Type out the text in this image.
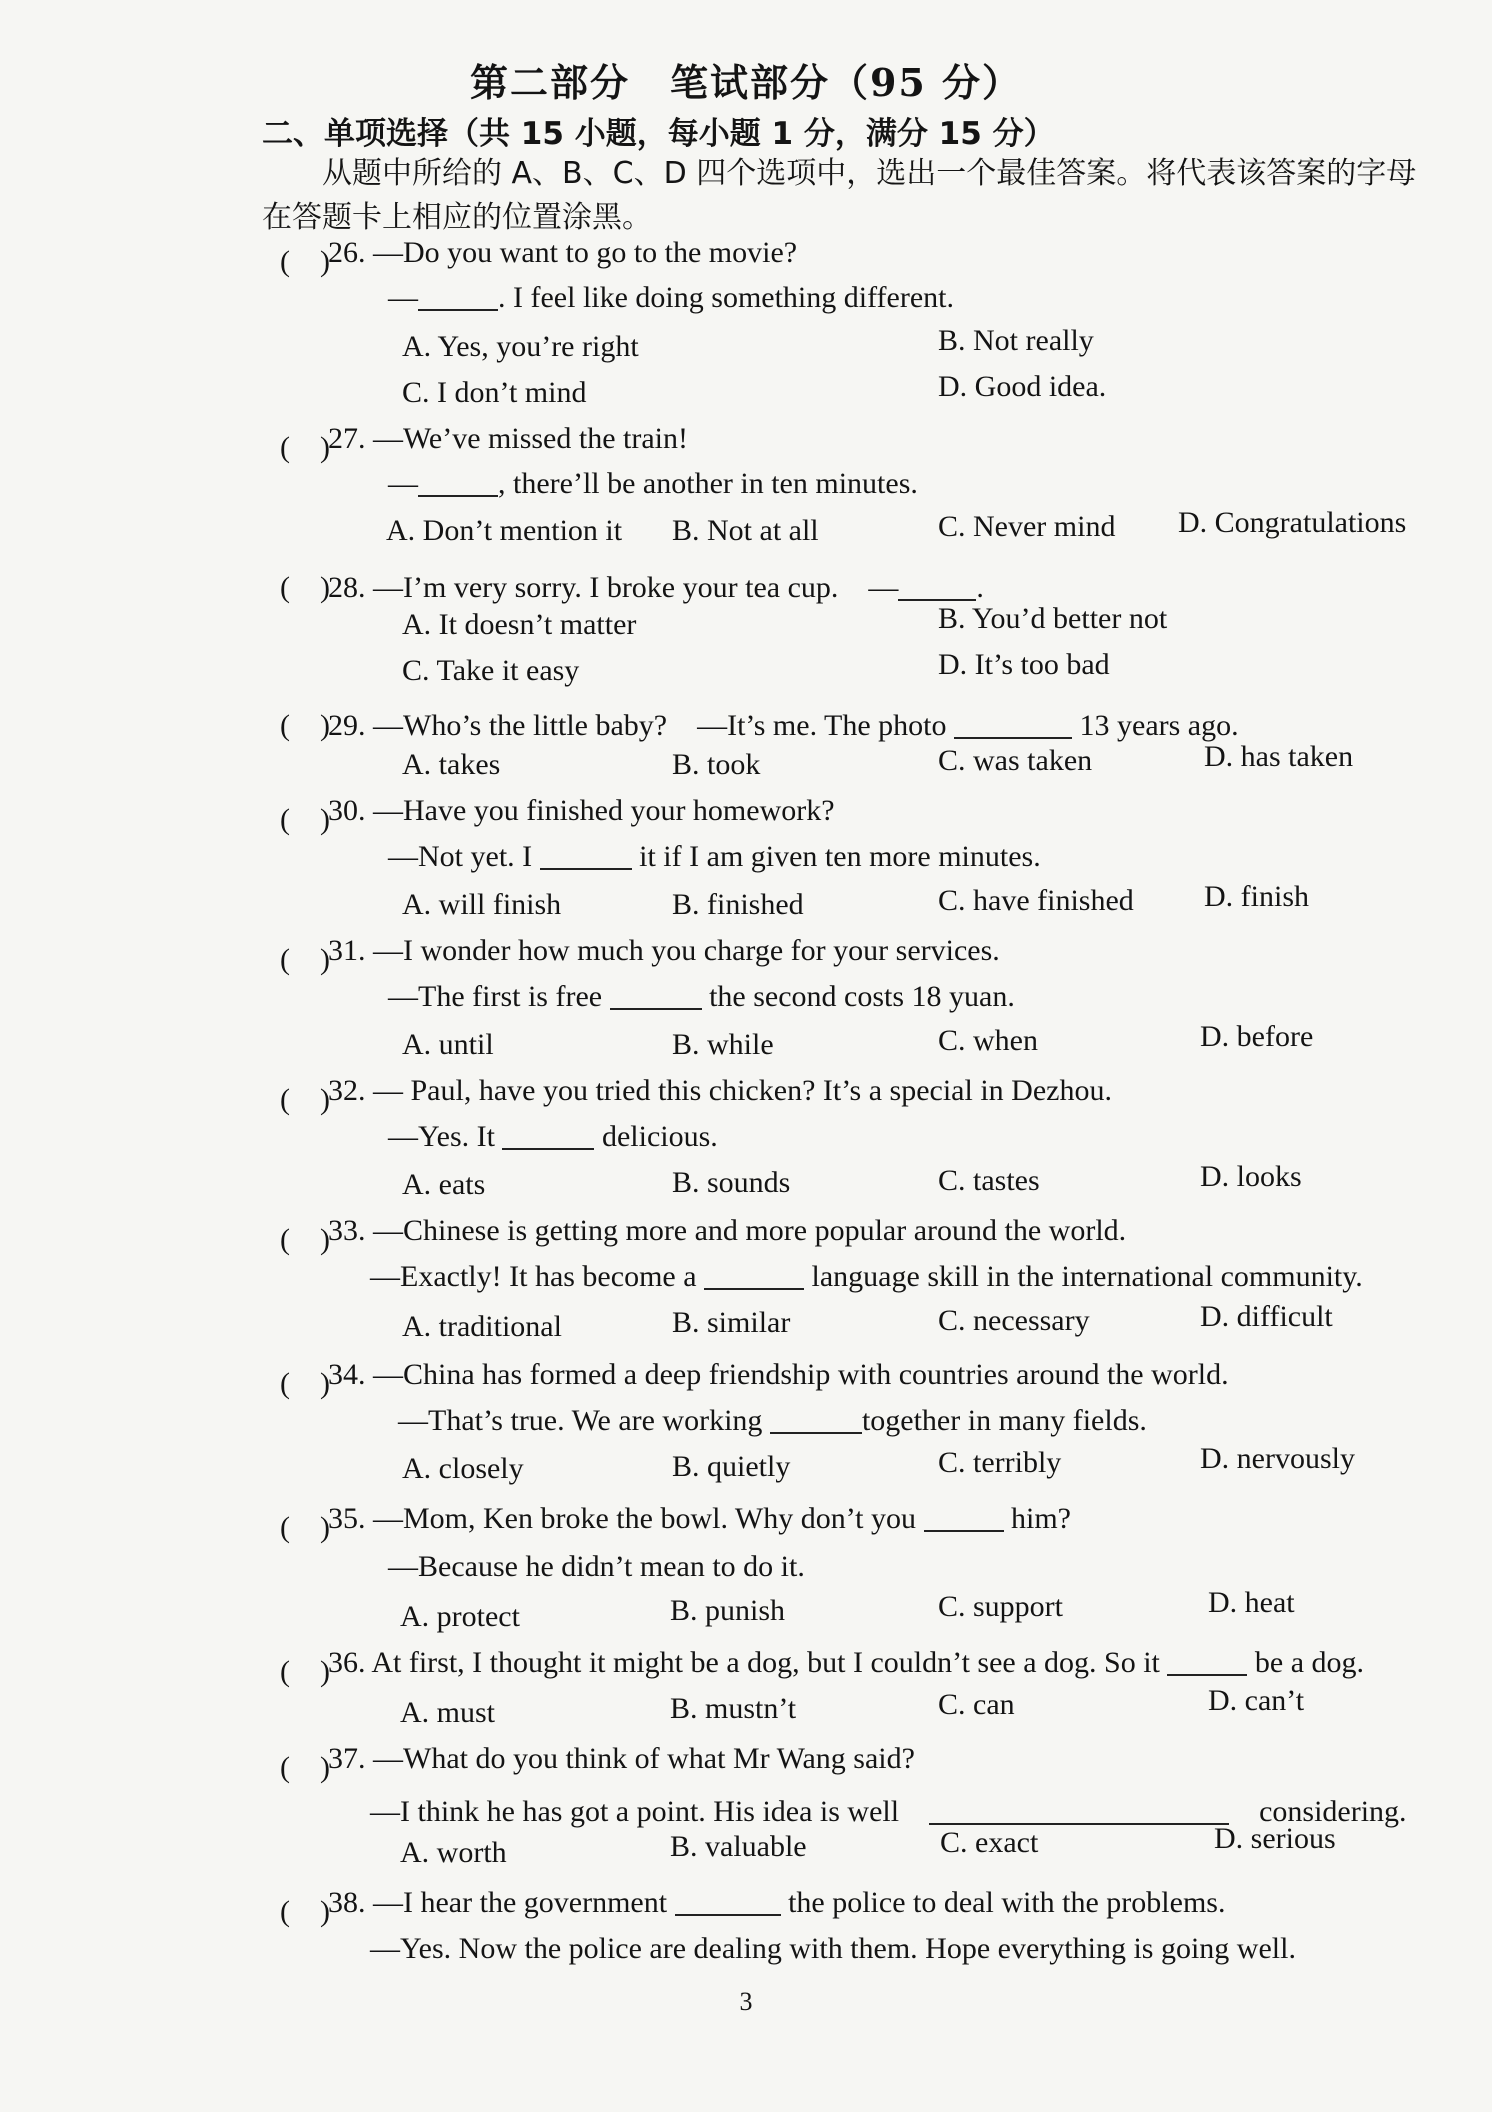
第二部分　笔试部分（95 分）
二、单项选择（共 15 小题，每小题 1 分，满分 15 分）
从题中所给的 A、B、C、D 四个选项中，选出一个最佳答案。将代表该答案的字母
在答题卡上相应的位置涂黑。
(　)
26. —Do you want to go to the movie?
—	. I feel like doing something different.
A. Yes, you’re right	B. Not really
C. I don’t mind	D. Good idea.
(　)
27. —We’ve missed the train!
—	, there’ll be another in ten minutes.
A. Don’t mention it B. Not at all	C. Never mind D. Congratulations
(　)
28. —I’m very sorry. I broke your tea cup.　—	.
A. It doesn’t matter	B. You’d better not
C. Take it easy	D. It’s too bad
(　)
29. —Who’s the little baby?　—It’s me. The photo	13 years ago.
A. takes	B. took	C. was taken	D. has taken
(　)
30. —Have you finished your homework?
—Not yet. I	it if I am given ten more minutes.
A. will finish	B. finished	C. have finished D. finish
(　)
31. —I wonder how much you charge for your services.
—The first is free	the second costs 18 yuan.
A. until	B. while	C. when	D. before
(　)
32. — Paul, have you tried this chicken? It’s a special in Dezhou.
—Yes. It	delicious.
A. eats	B. sounds	C. tastes	D. looks
(　)
33. —Chinese is getting more and more popular around the world.
—Exactly! It has become a	language skill in the international community.
A. traditional	B. similar	C. necessary	D. difficult
(　)
34. —China has formed a deep friendship with countries around the world.
—That’s true. We are working	together in many fields.
A. closely	B. quietly	C. terribly	D. nervously
(　)
35. —Mom, Ken broke the bowl. Why don’t you	him?
—Because he didn’t mean to do it.
A. protect	B. punish	C. support	D. heat
(　)
36. At first, I thought it might be a dog, but I couldn’t see a dog. So it	be a dog.
A. must	B. mustn’t	C. can	D. can’t
(　)
37. —What do you think of what Mr Wang said?
—I think he has got a point. His idea is well　　	considering.
A. worth	B. valuable	C. exact	D. serious
(　)
38. —I hear the government	the police to deal with the problems.
—Yes. Now the police are dealing with them. Hope everything is going well.
3
